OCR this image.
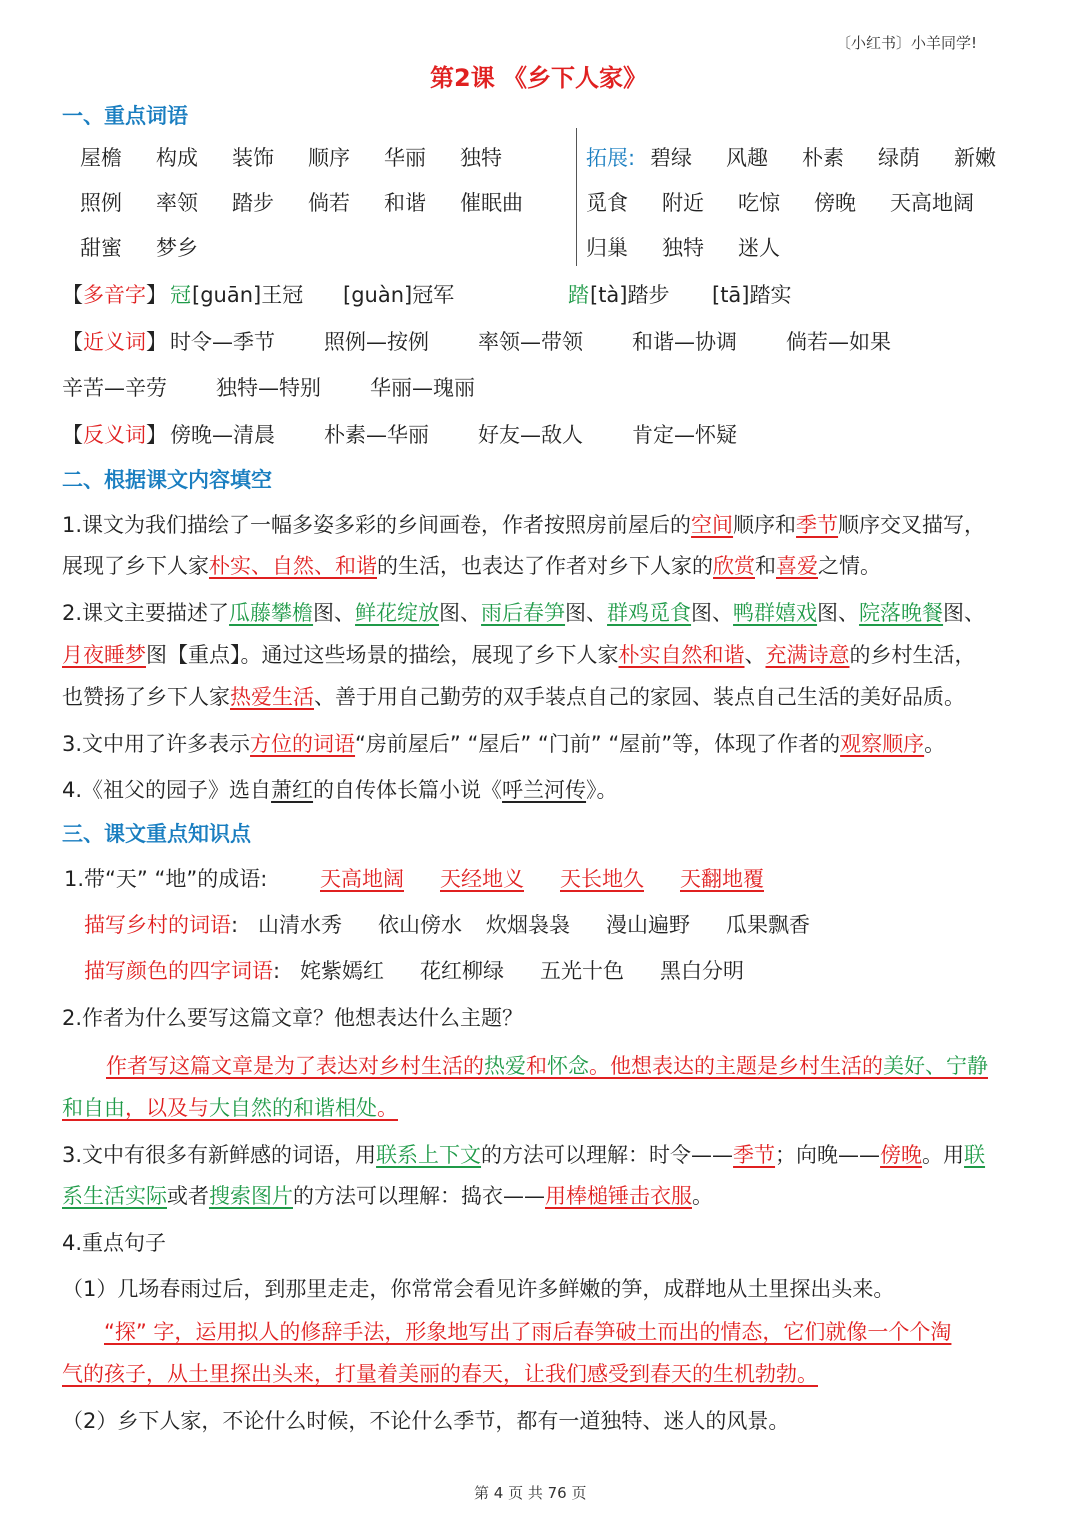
〔小红书〕小羊同学!
第2课 《乡下人家》
一、重点词语
屋檐 构成 装饰 顺序 华丽 独特
照例 率领 踏步 倘若 和谐 催眠曲
甜蜜 梦乡
拓展: 碧绿 风趣 朴素 绿荫 新嫩
觅食 附近 吃惊 傍晚 天高地阔
归巢 独特 迷人
【多音字】 冠 [guān]王冠 [guàn]冠军	踏 [tà]踏步 [tā]踏实
【近义词】 时令—季节 照例—按例 率领—带领 和谐—协调 倘若—如果
辛苦—辛劳 独特—特别 华丽—瑰丽
【反义词】 傍晚—清晨 朴素—华丽 好友—敌人 肯定—怀疑
二、根据课文内容填空
1.课文为我们描绘了一幅多姿多彩的乡间画卷，作者按照房前屋后的空间顺序和季节顺序交叉描写，
展现了乡下人家朴实、自然、和谐的生活，也表达了作者对乡下人家的欣赏和喜爱之情。
2.课文主要描述了瓜藤攀檐图、鲜花绽放图、雨后春笋图、群鸡觅食图、鸭群嬉戏图、院落晚餐图、
月夜睡梦图【重点】。通过这些场景的描绘，展现了乡下人家朴实自然和谐、充满诗意的乡村生活，
也赞扬了乡下人家热爱生活、善于用自己勤劳的双手装点自己的家园、装点自己生活的美好品质。
3.文中用了许多表示方位的词语“房前屋后” “屋后” “门前” “屋前”等，体现了作者的观察顺序。
4.《祖父的园子》选自萧红的自传体长篇小说《呼兰河传》。
三、课文重点知识点
1.带“天” “地”的成语:	天高地阔 天经地义 天长地久 天翻地覆
描写乡村的词语: 山清水秀 依山傍水 炊烟袅袅 漫山遍野 瓜果飘香
描写颜色的四字词语: 姹紫嫣红 花红柳绿 五光十色 黑白分明
2.作者为什么要写这篇文章？他想表达什么主题？
作者写这篇文章是为了表达对乡村生活的热爱和怀念。他想表达的主题是乡村生活的美好、宁静
和自由，以及与大自然的和谐相处。
3.文中有很多有新鲜感的词语，用联系上下文的方法可以理解：时令——季节；向晚——傍晚。用联
系生活实际或者搜索图片的方法可以理解：捣衣——用棒槌锤击衣服。
4.重点句子
（1）几场春雨过后，到那里走走，你常常会看见许多鲜嫩的笋，成群地从土里探出头来。
“探” 字，运用拟人的修辞手法，形象地写出了雨后春笋破土而出的情态，它们就像一个个淘
气的孩子，从土里探出头来，打量着美丽的春天，让我们感受到春天的生机勃勃。
（2）乡下人家，不论什么时候，不论什么季节，都有一道独特、迷人的风景。
第 4 页 共 76 页
